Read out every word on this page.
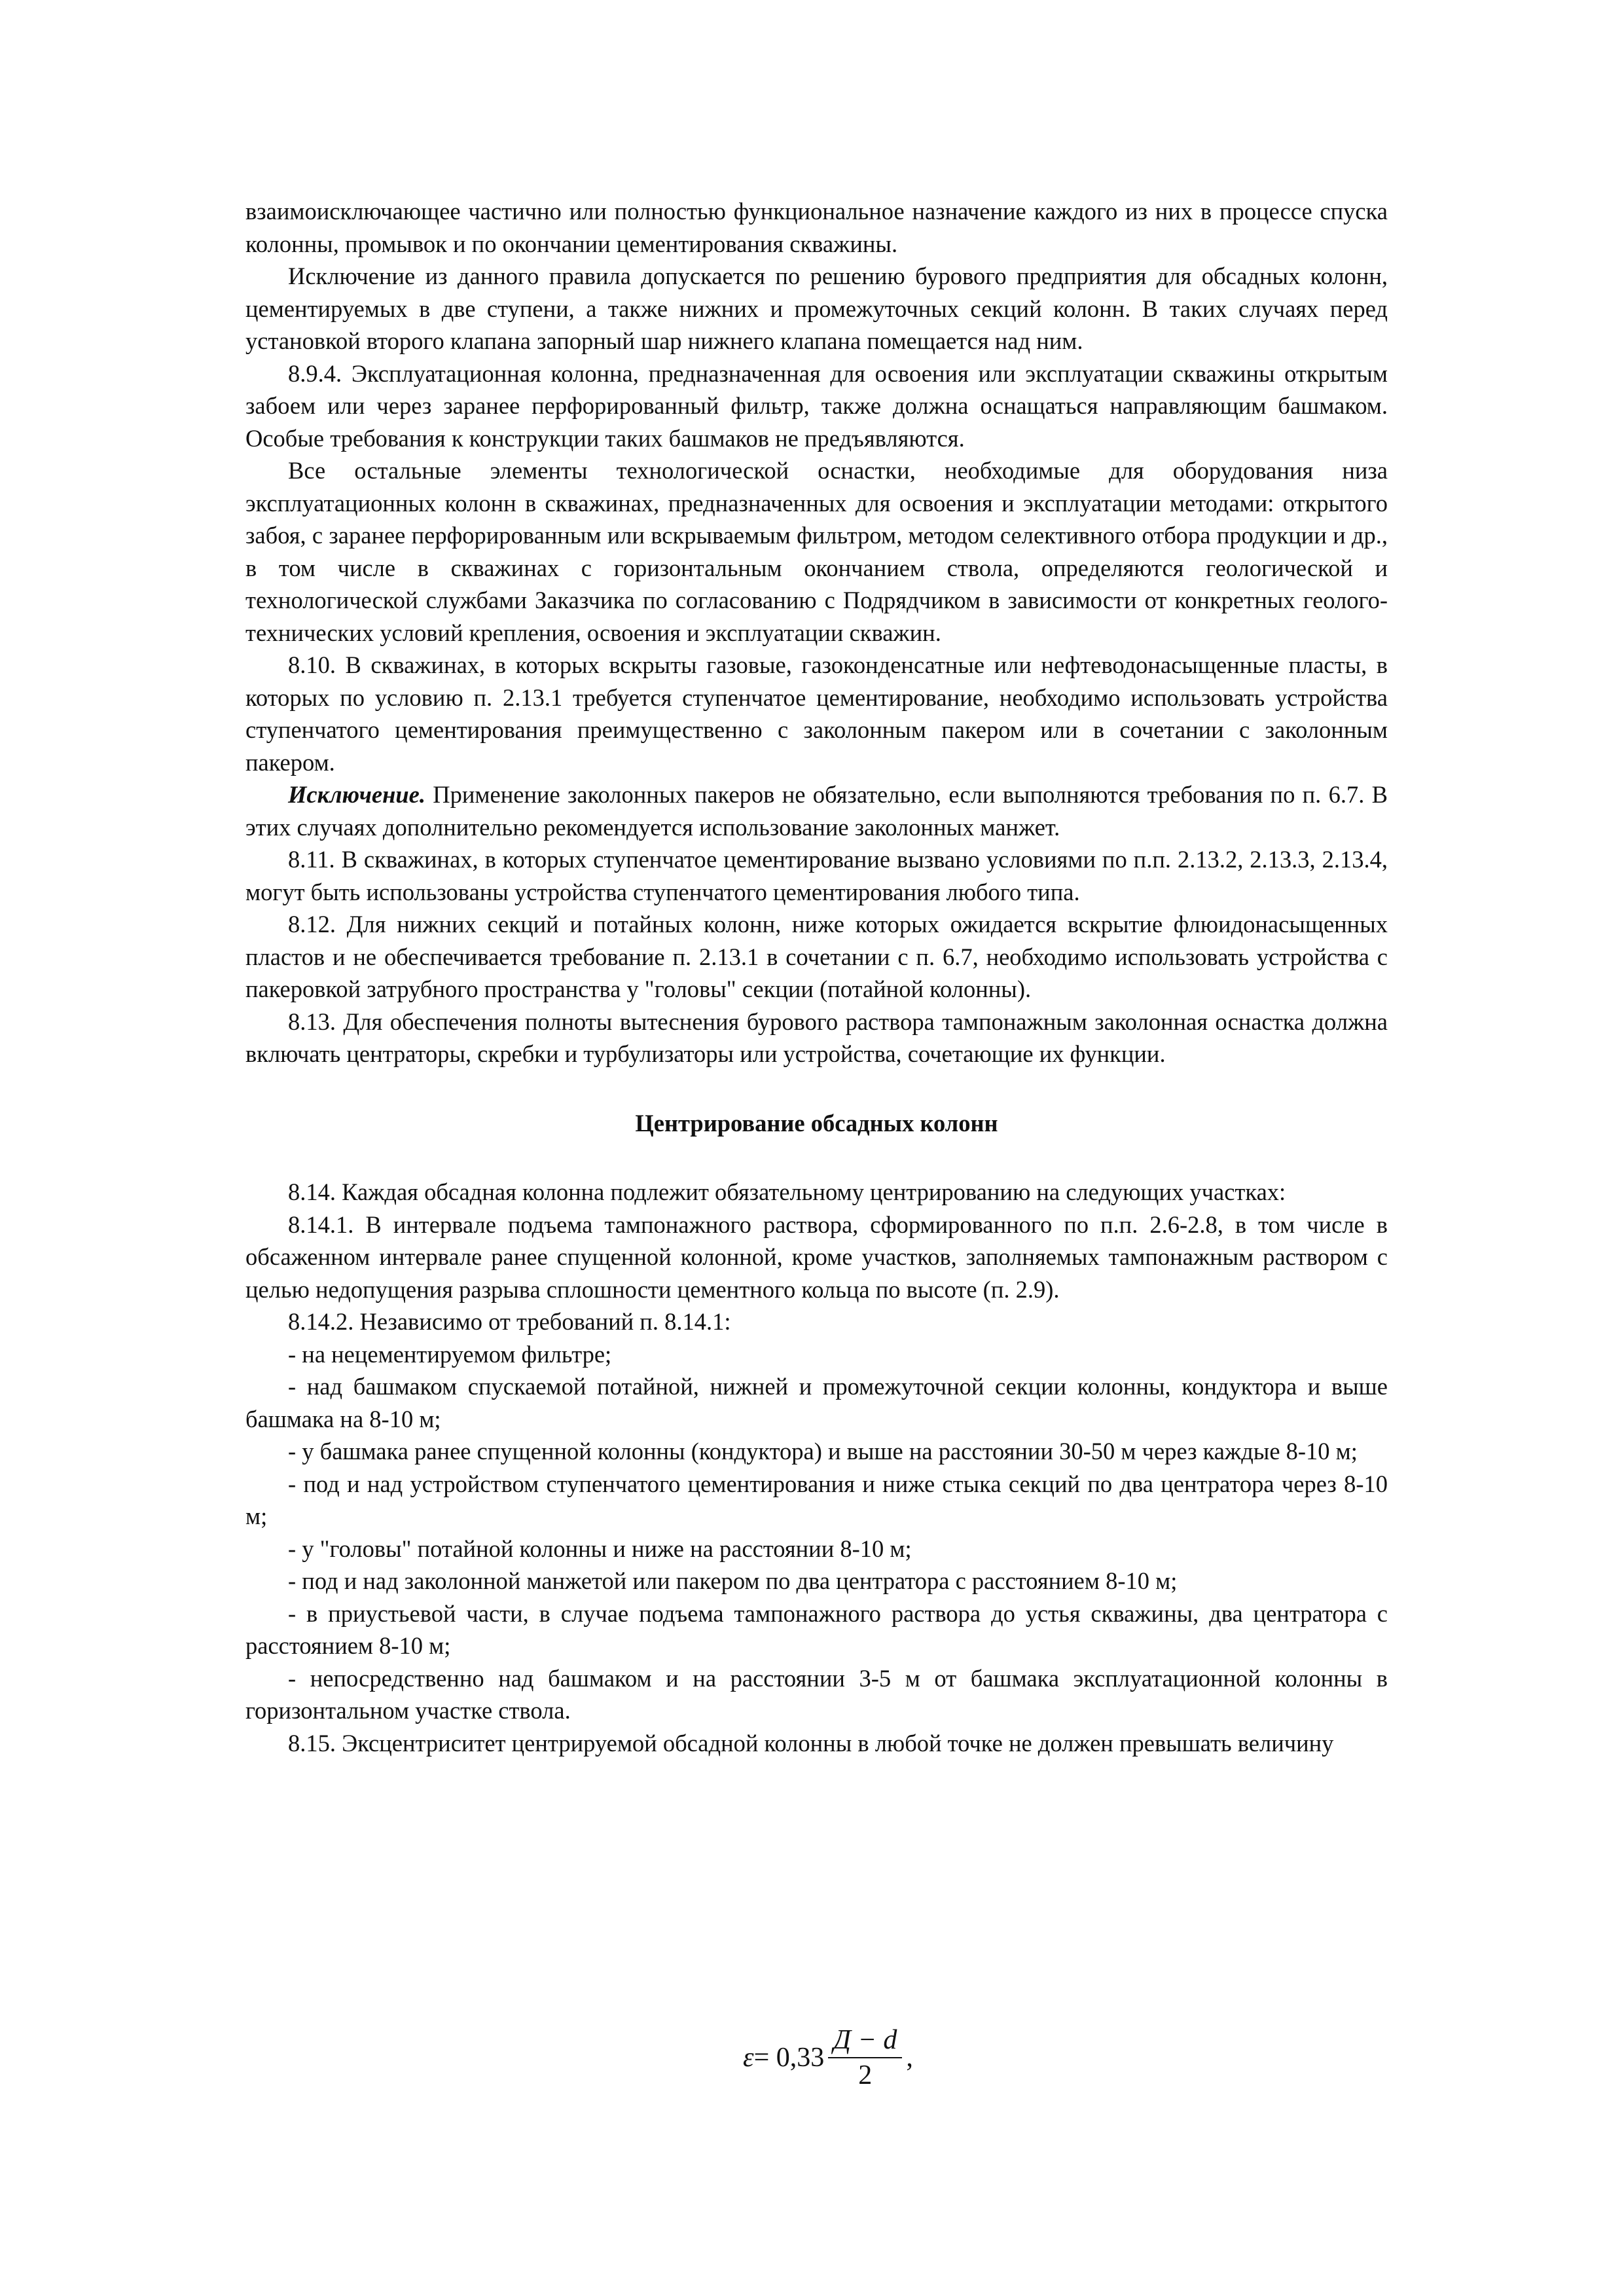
взаимоисключающее частично или полностью функциональное назначение каждого из них в процессе спуска колонны, промывок и по окончании цементирования скважины.

Исключение из данного правила допускается по решению бурового предприятия для обсадных колонн, цементируемых в две ступени, а также нижних и промежуточных секций колонн. В таких случаях перед установкой второго клапана запорный шар нижнего клапана помещается над ним.

8.9.4. Эксплуатационная колонна, предназначенная для освоения или эксплуатации скважины открытым забоем или через заранее перфорированный фильтр, также должна оснащаться направляющим башмаком. Особые требования к конструкции таких башмаков не предъявляются.

Все остальные элементы технологической оснастки, необходимые для оборудования низа эксплуатационных колонн в скважинах, предназначенных для освоения и эксплуатации методами: открытого забоя, с заранее перфорированным или вскрываемым фильтром, методом селективного отбора продукции и др., в том числе в скважинах с горизонтальным окончанием ствола, определяются геологической и технологической службами Заказчика по согласованию с Подрядчиком в зависимости от конкретных геолого-технических условий крепления, освоения и эксплуатации скважин.

8.10. В скважинах, в которых вскрыты газовые, газоконденсатные или нефтеводонасыщенные пласты, в которых по условию п. 2.13.1 требуется ступенчатое цементирование, необходимо использовать устройства ступенчатого цементирования преимущественно с заколонным пакером или в сочетании с заколонным пакером.

Исключение. Применение заколонных пакеров не обязательно, если выполняются требования по п. 6.7. В этих случаях дополнительно рекомендуется использование заколонных манжет.

8.11. В скважинах, в которых ступенчатое цементирование вызвано условиями по п.п. 2.13.2, 2.13.3, 2.13.4, могут быть использованы устройства ступенчатого цементирования любого типа.

8.12. Для нижних секций и потайных колонн, ниже которых ожидается вскрытие флюидонасыщенных пластов и не обеспечивается требование п. 2.13.1 в сочетании с п. 6.7, необходимо использовать устройства с пакеровкой затрубного пространства у "головы" секции (потайной колонны).

8.13. Для обеспечения полноты вытеснения бурового раствора тампонажным заколонная оснастка должна включать центраторы, скребки и турбулизаторы или устройства, сочетающие их функции.

Центрирование обсадных колонн

8.14. Каждая обсадная колонна подлежит обязательному центрированию на следующих участках:

8.14.1. В интервале подъема тампонажного раствора, сформированного по п.п. 2.6-2.8, в том числе в обсаженном интервале ранее спущенной колонной, кроме участков, заполняемых тампонажным раствором с целью недопущения разрыва сплошности цементного кольца по высоте (п. 2.9).

8.14.2. Независимо от требований п. 8.14.1:

- на нецементируемом фильтре;

- над башмаком спускаемой потайной, нижней и промежуточной секции колонны, кондуктора и выше башмака на 8-10 м;

- у башмака ранее спущенной колонны (кондуктора) и выше на расстоянии 30-50 м через каждые 8-10 м;

- под и над устройством ступенчатого цементирования и ниже стыка секций по два центратора через 8-10 м;

- у "головы" потайной колонны и ниже на расстоянии 8-10 м;

- под и над заколонной манжетой или пакером по два центратора с расстоянием 8-10 м;

- в приустьевой части, в случае подъема тампонажного раствора до устья скважины, два центратора с расстоянием 8-10 м;

- непосредственно над башмаком и на расстоянии 3-5 м от башмака эксплуатационной колонны в горизонтальном участке ствола.

8.15. Эксцентриситет центрируемой обсадной колонны в любой точке не должен превышать величину

$\varepsilon = 0,33 \frac{Д - d}{2}$ ,
